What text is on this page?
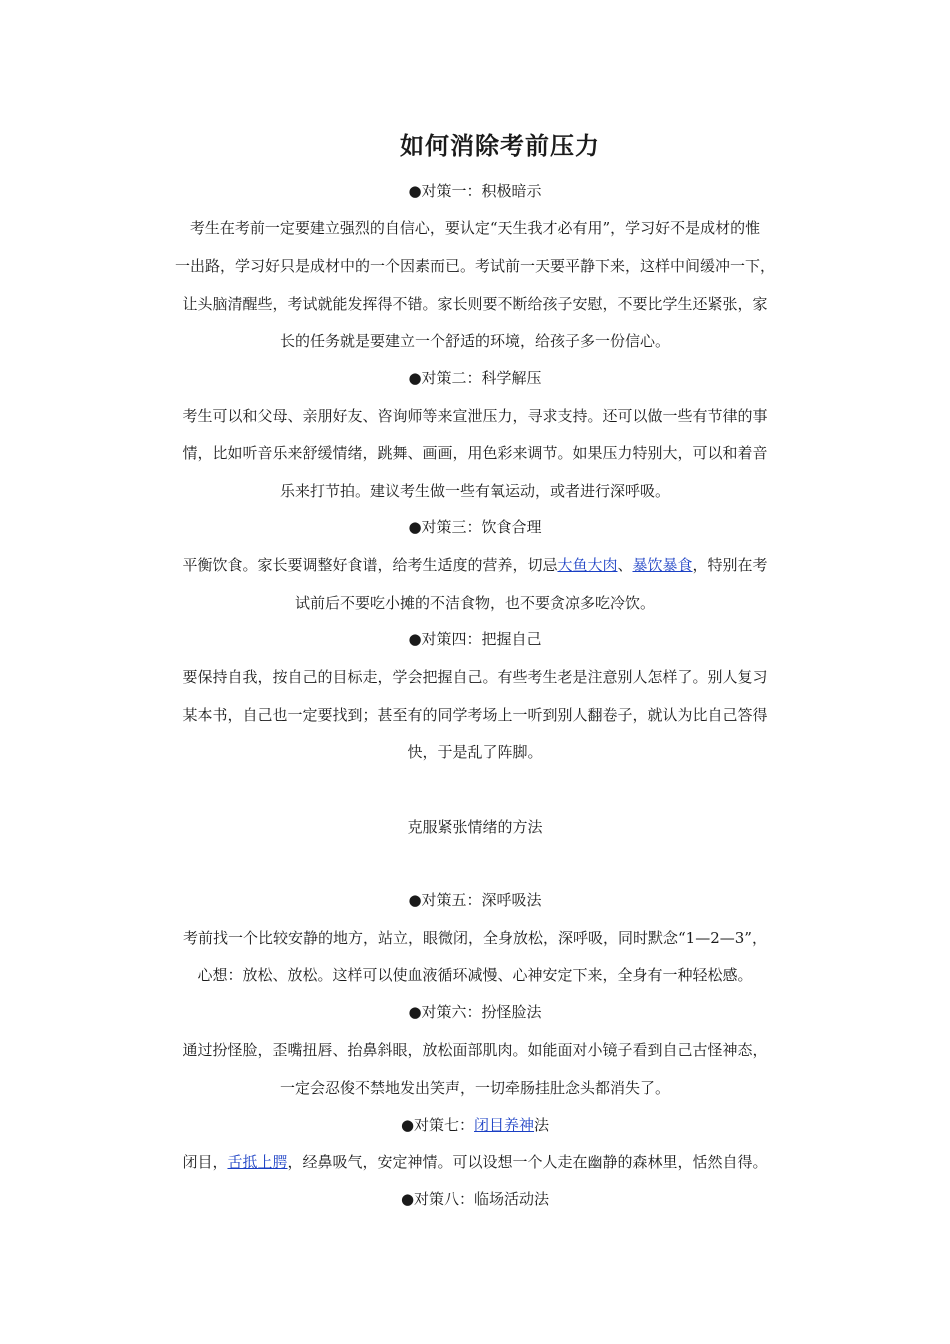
如何消除考前压力
●对策一：积极暗示
考生在考前一定要建立强烈的自信心，要认定“天生我才必有用”，学习好不是成材的惟
一出路，学习好只是成材中的一个因素而已。考试前一天要平静下来，这样中间缓冲一下，
让头脑清醒些，考试就能发挥得不错。家长则要不断给孩子安慰，不要比学生还紧张，家
长的任务就是要建立一个舒适的环境，给孩子多一份信心。
●对策二：科学解压
考生可以和父母、亲朋好友、咨询师等来宣泄压力，寻求支持。还可以做一些有节律的事
情，比如听音乐来舒缓情绪，跳舞、画画，用色彩来调节。如果压力特别大，可以和着音
乐来打节拍。建议考生做一些有氧运动，或者进行深呼吸。
●对策三：饮食合理
平衡饮食。家长要调整好食谱，给考生适度的营养，切忌大鱼大肉、暴饮暴食，特别在考
试前后不要吃小摊的不洁食物，也不要贪凉多吃冷饮。
●对策四：把握自己
要保持自我，按自己的目标走，学会把握自己。有些考生老是注意别人怎样了。别人复习
某本书，自己也一定要找到；甚至有的同学考场上一听到别人翻卷子，就认为比自己答得
快，于是乱了阵脚。
克服紧张情绪的方法
●对策五：深呼吸法
考前找一个比较安静的地方，站立，眼微闭，全身放松，深呼吸，同时默念“1—2—3”，
心想：放松、放松。这样可以使血液循环减慢、心神安定下来，全身有一种轻松感。
●对策六：扮怪脸法
通过扮怪脸，歪嘴扭唇、抬鼻斜眼，放松面部肌肉。如能面对小镜子看到自己古怪神态，
一定会忍俊不禁地发出笑声，一切牵肠挂肚念头都消失了。
●对策七：闭目养神法
闭目，舌抵上腭，经鼻吸气，安定神情。可以设想一个人走在幽静的森林里，恬然自得。
●对策八：临场活动法
